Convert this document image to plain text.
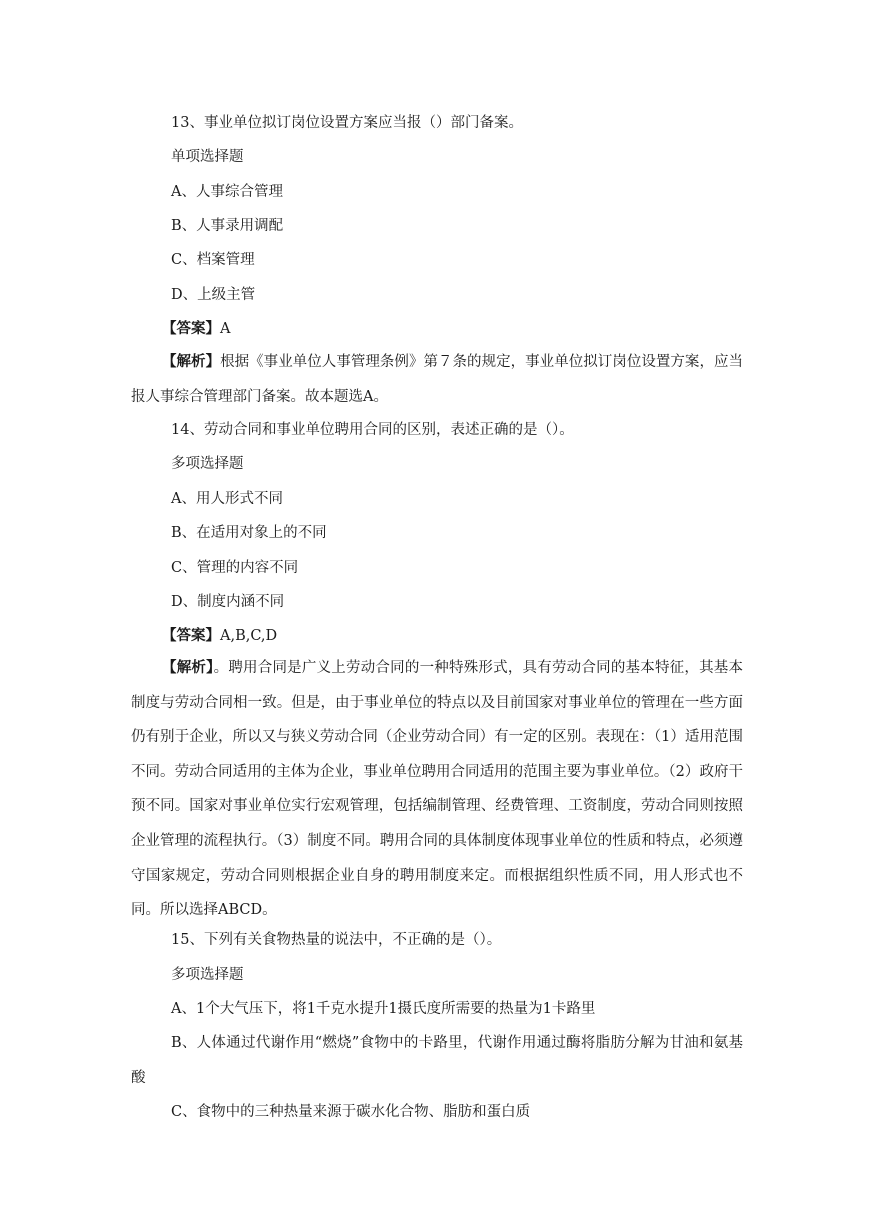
13、事业单位拟订岗位设置方案应当报（）部门备案。
单项选择题
A、人事综合管理
B、人事录用调配
C、档案管理
D、上级主管
【答案】A
【解析】根据《事业单位人事管理条例》第７条的规定，事业单位拟订岗位设置方案，应当报人事综合管理部门备案。故本题选A。
14、劳动合同和事业单位聘用合同的区别，表述正确的是（）。
多项选择题
A、用人形式不同
B、在适用对象上的不同
C、管理的内容不同
D、制度内涵不同
【答案】A,B,C,D
【解析】。聘用合同是广义上劳动合同的一种特殊形式，具有劳动合同的基本特征，其基本制度与劳动合同相一致。但是，由于事业单位的特点以及目前国家对事业单位的管理在一些方面仍有别于企业，所以又与狭义劳动合同（企业劳动合同）有一定的区别。表现在：（1）适用范围不同。劳动合同适用的主体为企业，事业单位聘用合同适用的范围主要为事业单位。（2）政府干预不同。国家对事业单位实行宏观管理，包括编制管理、经费管理、工资制度，劳动合同则按照企业管理的流程执行。（3）制度不同。聘用合同的具体制度体现事业单位的性质和特点，必须遵守国家规定，劳动合同则根据企业自身的聘用制度来定。而根据组织性质不同，用人形式也不同。所以选择ABCD。
15、下列有关食物热量的说法中，不正确的是（）。
多项选择题
A、1个大气压下，将1千克水提升1摄氏度所需要的热量为1卡路里
B、人体通过代谢作用“燃烧”食物中的卡路里，代谢作用通过酶将脂肪分解为甘油和氨基酸
C、食物中的三种热量来源于碳水化合物、脂肪和蛋白质
